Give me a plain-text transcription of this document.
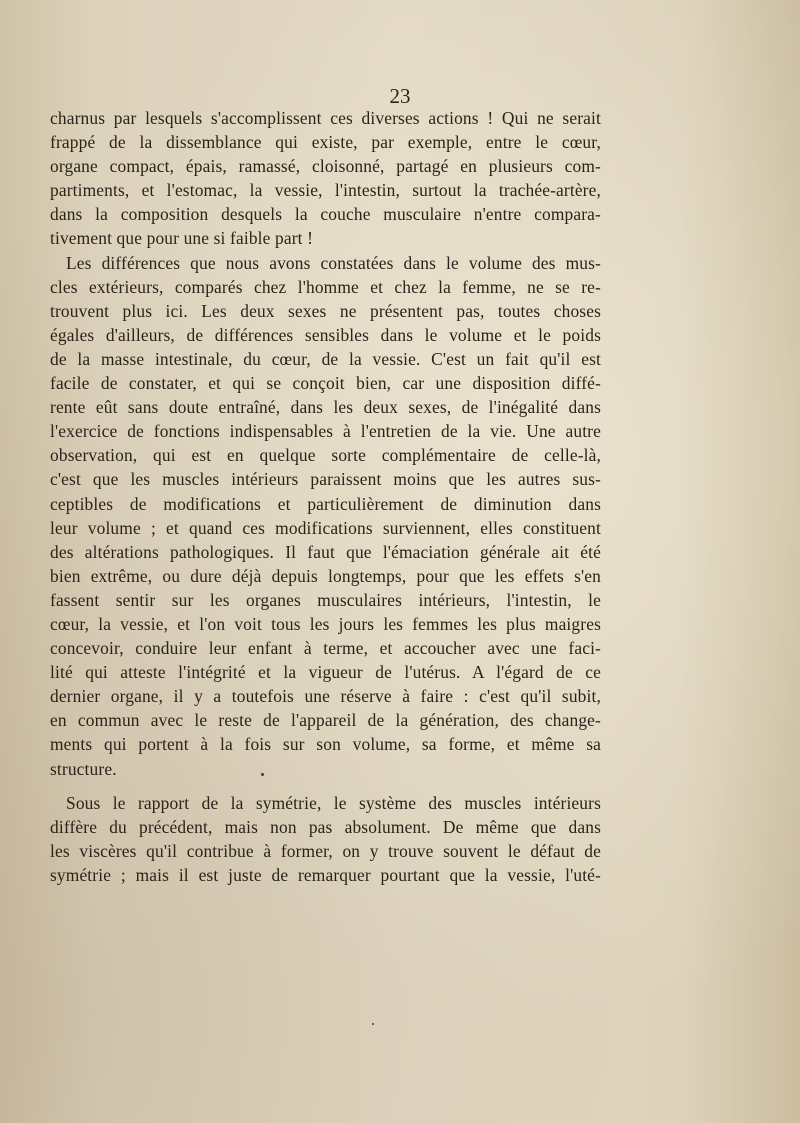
23
charnus par lesquels s'accomplissent ces diverses actions ! Qui ne serait
frappé de la dissemblance qui existe, par exemple, entre le cœur,
organe compact, épais, ramassé, cloisonné, partagé en plusieurs com-
partiments, et l'estomac, la vessie, l'intestin, surtout la trachée-artère,
dans la composition desquels la couche musculaire n'entre compara-
tivement que pour une si faible part !
Les différences que nous avons constatées dans le volume des mus-
cles extérieurs, comparés chez l'homme et chez la femme, ne se re-
trouvent plus ici. Les deux sexes ne présentent pas, toutes choses
égales d'ailleurs, de différences sensibles dans le volume et le poids
de la masse intestinale, du cœur, de la vessie. C'est un fait qu'il est
facile de constater, et qui se conçoit bien, car une disposition diffé-
rente eût sans doute entraîné, dans les deux sexes, de l'inégalité dans
l'exercice de fonctions indispensables à l'entretien de la vie. Une autre
observation, qui est en quelque sorte complémentaire de celle-là,
c'est que les muscles intérieurs paraissent moins que les autres sus-
ceptibles de modifications et particulièrement de diminution dans
leur volume ; et quand ces modifications surviennent, elles constituent
des altérations pathologiques. Il faut que l'émaciation générale ait été
bien extrême, ou dure déjà depuis longtemps, pour que les effets s'en
fassent sentir sur les organes musculaires intérieurs, l'intestin, le
cœur, la vessie, et l'on voit tous les jours les femmes les plus maigres
concevoir, conduire leur enfant à terme, et accoucher avec une faci-
lité qui atteste l'intégrité et la vigueur de l'utérus. A l'égard de ce
dernier organe, il y a toutefois une réserve à faire : c'est qu'il subit,
en commun avec le reste de l'appareil de la génération, des change-
ments qui portent à la fois sur son volume, sa forme, et même sa
structure.
Sous le rapport de la symétrie, le système des muscles intérieurs
diffère du précédent, mais non pas absolument. De même que dans
les viscères qu'il contribue à former, on y trouve souvent le défaut de
symétrie ; mais il est juste de remarquer pourtant que la vessie, l'uté-
